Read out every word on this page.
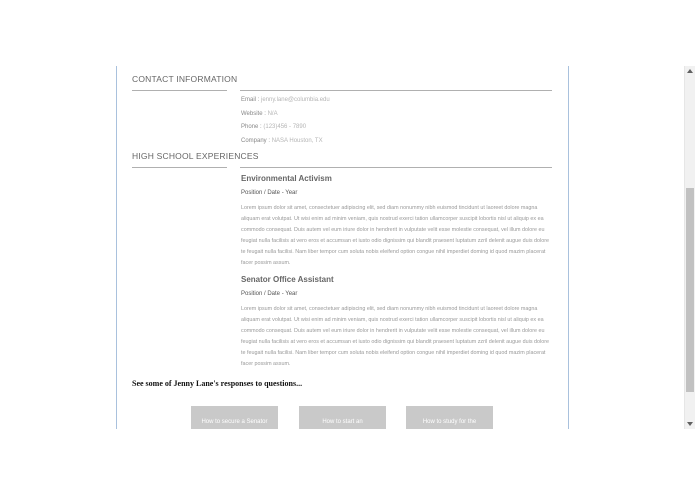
CONTACT INFORMATION
Email : jenny.lane@columbia.edu
Website : N/A
Phone : (123)456 - 7890
Company : NASA Houston, TX
HIGH SCHOOL EXPERIENCES
Environmental Activism
Position / Date - Year
Lorem ipsum dolor sit amet, consectetuer adipiscing elit, sed diam nonummy nibh euismod tincidunt ut laoreet dolore magna aliquam erat volutpat. Ut wisi enim ad minim veniam, quis nostrud exerci tation ullamcorper suscipit lobortis nisl ut aliquip ex ea commodo consequat. Duis autem vel eum iriure dolor in hendrerit in vulputate velit esse molestie consequat, vel illum dolore eu feugiat nulla facilisis at vero eros et accumsan et iusto odio dignissim qui blandit praesent luptatum zzril delenit augue duis dolore te feugait nulla facilisi. Nam liber tempor cum soluta nobis eleifend option congue nihil imperdiet doming id quod mazim placerat facer possim assum.
Senator Office Assistant
Position / Date - Year
Lorem ipsum dolor sit amet, consectetuer adipiscing elit, sed diam nonummy nibh euismod tincidunt ut laoreet dolore magna aliquam erat volutpat. Ut wisi enim ad minim veniam, quis nostrud exerci tation ullamcorper suscipit lobortis nisl ut aliquip ex ea commodo consequat. Duis autem vel eum iriure dolor in hendrerit in vulputate velit esse molestie consequat, vel illum dolore eu feugiat nulla facilisis at vero eros et accumsan et iusto odio dignissim qui blandit praesent luptatum zzril delenit augue duis dolore te feugait nulla facilisi. Nam liber tempor cum soluta nobis eleifend option congue nihil imperdiet doming id quod mazim placerat facer possim assum.
See some of Jenny Lane's responses to questions...
How to secure a Senator	How to start an	How to study for the
